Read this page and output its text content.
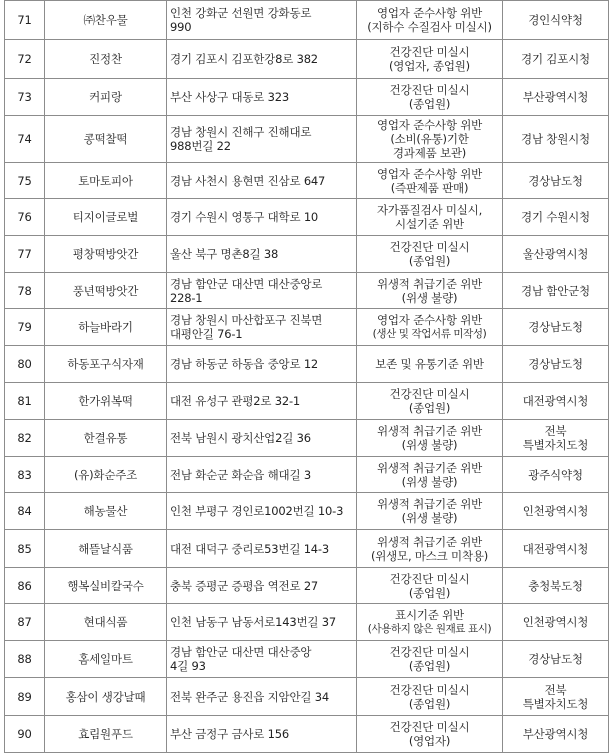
71	㈜찬우물	인천 강화군 선원면 강화동로
990	영업자 준수사항 위반
(지하수 수질검사 미실시)	경인식약청
72	진정찬	경기 김포시 김포한강8로 382	건강진단 미실시
(영업자, 종업원)	경기 김포시청
73	커피랑	부산 사상구 대동로 323	건강진단 미실시
(종업원)	부산광역시청
74	콩떡찰떡	경남 창원시 진해구 진해대로
988번길 22	영업자 준수사항 위반
(소비(유통)기한
경과제품 보관)	경남 창원시청
75	토마토피아	경남 사천시 용현면 진삼로 647	영업자 준수사항 위반
(즉판제품 판매)	경상남도청
76	티지이글로벌	경기 수원시 영통구 대학로 10	자가품질검사 미실시,
시설기준 위반	경기 수원시청
77	평창떡방앗간	울산 북구 명촌8길 38	건강진단 미실시
(종업원)	울산광역시청
78	풍년떡방앗간	경남 함안군 대산면 대산중앙로
228-1	위생적 취급기준 위반
(위생 불량)	경남 함안군청
79	하늘바라기	경남 창원시 마산합포구 진북면
대평안길 76-1	영업자 준수사항 위반
(생산 및 작업서류 미작성)	경상남도청
80	하동포구식자재	경남 하동군 하동읍 중앙로 12	보존 및 유통기준 위반	경상남도청
81	한가위복떡	대전 유성구 관평2로 32-1	건강진단 미실시
(종업원)	대전광역시청
82	한결유통	전북 남원시 광치산업2길 36	위생적 취급기준 위반
(위생 불량)	전북
특별자치도청
83	(유)화순주조	전남 화순군 화순읍 해대길 3	위생적 취급기준 위반
(위생 불량)	광주식약청
84	해농물산	인천 부평구 경인로1002번길 10-3	위생적 취급기준 위반
(위생 불량)	인천광역시청
85	해뜰날식품	대전 대덕구 중리로53번길 14-3	위생적 취급기준 위반
(위생모, 마스크 미착용)	대전광역시청
86	행복실비칼국수	충북 증평군 증평읍 역전로 27	건강진단 미실시
(종업원)	충청북도청
87	현대식품	인천 남동구 남동서로143번길 37	표시기준 위반
(사용하지 않은 원재료 표시)	인천광역시청
88	홈세일마트	경남 함안군 대산면 대산중앙
4길 93	건강진단 미실시
(종업원)	경상남도청
89	홍삼이 생강날때	전북 완주군 용진읍 지암안길 34	건강진단 미실시
(종업원)	전북
특별자치도청
90	효림원푸드	부산 금정구 금사로 156	건강진단 미실시
(영업자)	부산광역시청
